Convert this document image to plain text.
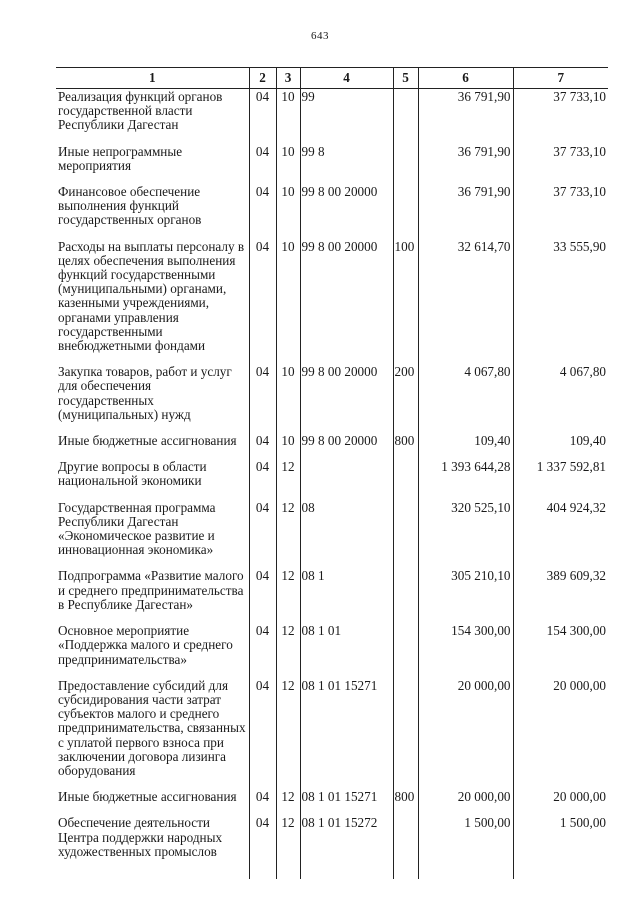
643
1	2	3	4	5	6	7
Реализация функций органов государственной власти Республики Дагестан	04	10	99		36 791,90	37 733,10
Иные непрограммные мероприятия	04	10	99 8		36 791,90	37 733,10
Финансовое обеспечение выполнения функций государственных органов	04	10	99 8 00 20000		36 791,90	37 733,10
Расходы на выплаты персоналу в целях обеспечения выполнения функций государственными (муниципальными) органами, казенными учреждениями, органами управления государственными внебюджетными фондами	04	10	99 8 00 20000	100	32 614,70	33 555,90
Закупка товаров, работ и услуг для обеспечения государственных (муниципальных) нужд	04	10	99 8 00 20000	200	4 067,80	4 067,80
Иные бюджетные ассигнования	04	10	99 8 00 20000	800	109,40	109,40
Другие вопросы в области национальной экономики	04	12			1 393 644,28	1 337 592,81
Государственная программа Республики Дагестан «Экономическое развитие и инновационная экономика»	04	12	08		320 525,10	404 924,32
Подпрограмма «Развитие малого и среднего предпринимательства в Республике Дагестан»	04	12	08 1		305 210,10	389 609,32
Основное мероприятие «Поддержка малого и среднего предпринимательства»	04	12	08 1 01		154 300,00	154 300,00
Предоставление субсидий для субсидирования части затрат субъектов малого и среднего предпринимательства, связанных с уплатой первого взноса при заключении договора лизинга оборудования	04	12	08 1 01 15271		20 000,00	20 000,00
Иные бюджетные ассигнования	04	12	08 1 01 15271	800	20 000,00	20 000,00
Обеспечение деятельности Центра поддержки народных художественных промыслов	04	12	08 1 01 15272		1 500,00	1 500,00
